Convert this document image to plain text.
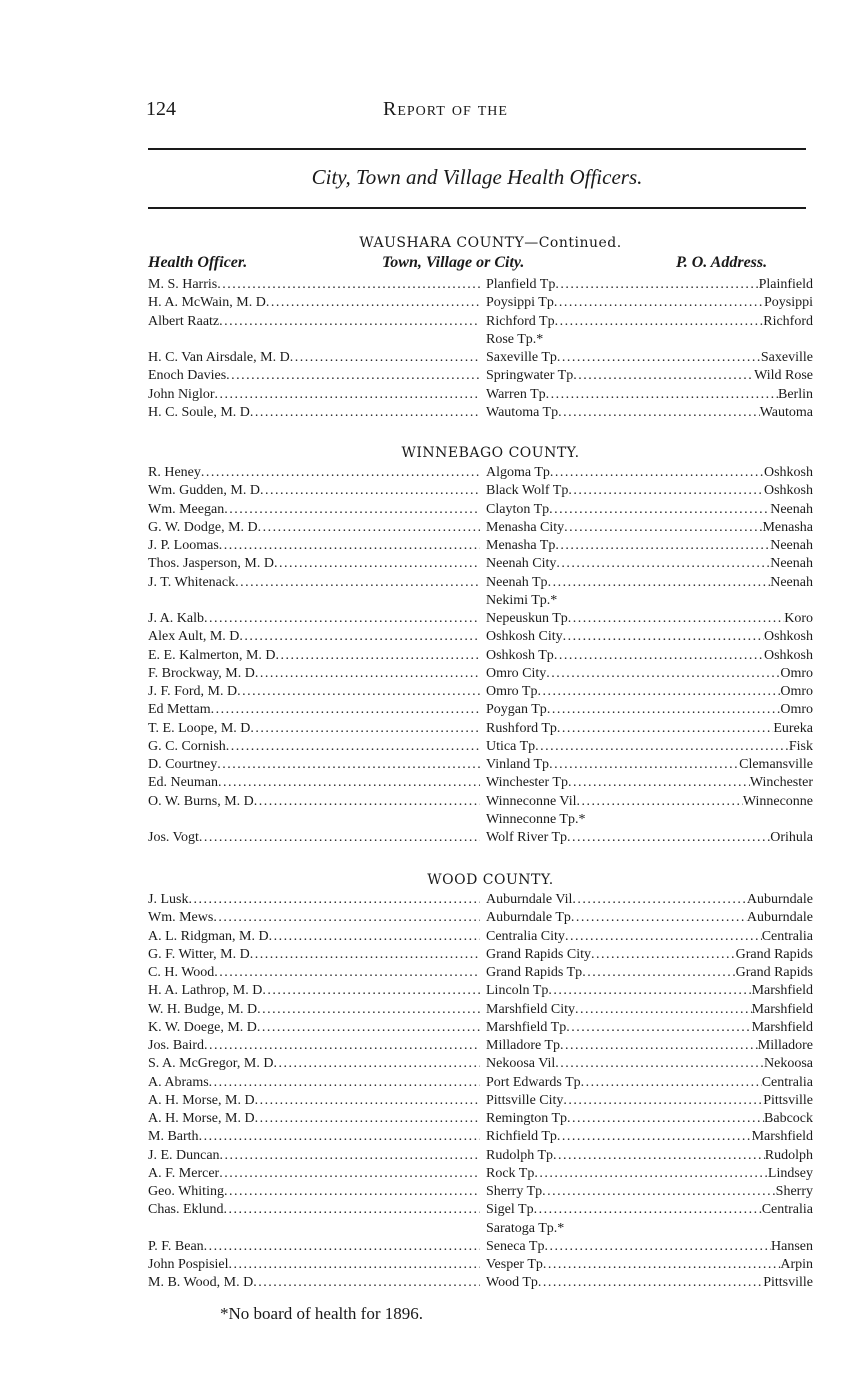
124	Report of the
City, Town and Village Health Officers.
WAUSHARA COUNTY—Continued.
Health Officer.	Town, Village or City.	P. O. Address.
M. S. Harris .....	Planfield Tp .....	Plainfield
H. A. McWain, M. D .....	Poysippi Tp .....	Poysippi
Albert Raatz .....	Richford Tp .....	Richford
Rose Tp.*
H. C. Van Airsdale, M. D .....	Saxeville Tp .....	Saxeville
Enoch Davies .....	Springwater Tp .....	Wild Rose
John Niglor .....	Warren Tp .....	Berlin
H. C. Soule, M. D .....	Wautoma Tp .....	Wautoma
WINNEBAGO COUNTY.
R. Heney .....	Algoma Tp .....	Oshkosh
Wm. Gudden, M. D .....	Black Wolf Tp .....	Oshkosh
Wm. Meegan .....	Clayton Tp .....	Neenah
G. W. Dodge, M. D .....	Menasha City .....	Menasha
J. P. Loomas .....	Menasha Tp .....	Neenah
Thos. Jasperson, M. D .....	Neenah City .....	Neenah
J. T. Whitenack .....	Neenah Tp .....	Neenah
Nekimi Tp.*
J. A. Kalb .....	Nepeuskun Tp .....	Koro
Alex Ault, M. D .....	Oshkosh City .....	Oshkosh
E. E. Kalmerton, M. D .....	Oshkosh Tp .....	Oshkosh
F. Brockway, M. D .....	Omro City .....	Omro
J. F. Ford, M. D .....	Omro Tp .....	Omro
Ed Mettam .....	Poygan Tp .....	Omro
T. E. Loope, M. D .....	Rushford Tp .....	Eureka
G. C. Cornish .....	Utica Tp .....	Fisk
D. Courtney .....	Vinland Tp .....	Clemansville
Ed. Neuman .....	Winchester Tp .....	Winchester
O. W. Burns, M. D .....	Winneconne Vil .....	Winneconne
Winneconne Tp.*
Jos. Vogt .....	Wolf River Tp .....	Orihula
WOOD COUNTY.
J. Lusk .....	Auburndale Vil .....	Auburndale
Wm. Mews .....	Auburndale Tp .....	Auburndale
A. L. Ridgman, M. D .....	Centralia City .....	Centralia
G. F. Witter, M. D .....	Grand Rapids City .....	Grand Rapids
C. H. Wood .....	Grand Rapids Tp .....	Grand Rapids
H. A. Lathrop, M. D .....	Lincoln Tp .....	Marshfield
W. H. Budge, M. D .....	Marshfield City .....	Marshfield
K. W. Doege, M. D .....	Marshfield Tp .....	Marshfield
Jos. Baird .....	Milladore Tp .....	Milladore
S. A. McGregor, M. D .....	Nekoosa Vil .....	Nekoosa
A. Abrams .....	Port Edwards Tp .....	Centralia
A. H. Morse, M. D .....	Pittsville City .....	Pittsville
A. H. Morse, M. D .....	Remington Tp .....	Babcock
M. Barth .....	Richfield Tp .....	Marshfield
J. E. Duncan .....	Rudolph Tp .....	Rudolph
A. F. Mercer .....	Rock Tp .....	Lindsey
Geo. Whiting .....	Sherry Tp .....	Sherry
Chas. Eklund .....	Sigel Tp .....	Centralia
Saratoga Tp.*
P. F. Bean .....	Seneca Tp .....	Hansen
John Pospisiel .....	Vesper Tp .....	Arpin
M. B. Wood, M. D .....	Wood Tp .....	Pittsville
*No board of health for 1896.
